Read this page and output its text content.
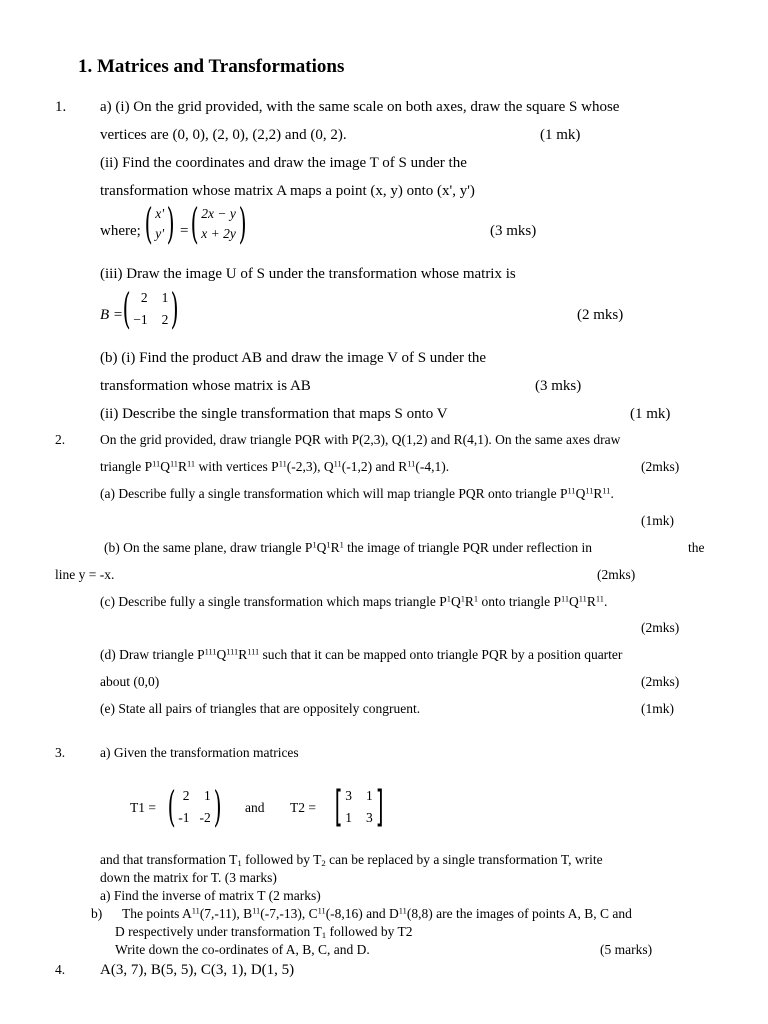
1. Matrices and Transformations
1. a) (i) On the grid provided, with the same scale on both axes, draw the square S whose
vertices are (0, 0), (2, 0), (2,2) and (0, 2).	(1 mk)
(ii) Find the coordinates and draw the image T of S under the
transformation whose matrix A maps a point (x, y) onto (x', y')
where; ( x'
y' ) = ( 2x − y
x + 2y )	(3 mks)
(iii) Draw the image U of S under the transformation whose matrix is
B = ( 2 1
−1 2 )	(2 mks)
(b) (i) Find the product AB and draw the image V of S under the
transformation whose matrix is AB	(3 mks)
(ii) Describe the single transformation that maps S onto V	(1 mk)
2.	On the grid provided, draw triangle PQR with P(2,3), Q(1,2) and R(4,1). On the same axes draw
triangle $P^{11}Q^{11}R^{11}$ with vertices $P^{11}(-2,3)$, $Q^{11}(-1,2)$ and $R^{11}(-4,1)$.	(2mks)
(a) Describe fully a single transformation which will map triangle PQR onto triangle $P^{11}Q^{11}R^{11}$.
(1mk)
(b) On the same plane, draw triangle $P^1Q^1R^1$ the image of triangle PQR under reflection in	the
line y = -x.	(2mks)
(c) Describe fully a single transformation which maps triangle $P^1Q^1R^1$ onto triangle $P^{11}Q^{11}R^{11}$.
(2mks)
(d) Draw triangle $P^{111}Q^{111}R^{111}$ such that it can be mapped onto triangle PQR by a position quarter
about (0,0)	(2mks)
(e) State all pairs of triangles that are oppositely congruent.	(1mk)
3.	a) Given the transformation matrices
T1 = ( 2	1
-1 -2 ) and T2 = [ 3 1
1 3 ]
and that transformation $T_1$ followed by $T_2$ can be replaced by a single transformation T, write
down the matrix for T. (3 marks)
a) Find the inverse of matrix T (2 marks)
b) The points $A^{11}(7,-11)$, $B^{11}(-7,-13)$, $C^{11}(-8,16)$ and $D^{11}(8,8)$ are the images of points A, B, C and
D respectively under transformation $T_1$ followed by T2
Write down the co-ordinates of A, B, C, and D.	(5 marks)
4. A(3, 7), B(5, 5), C(3, 1), D(1, 5)
